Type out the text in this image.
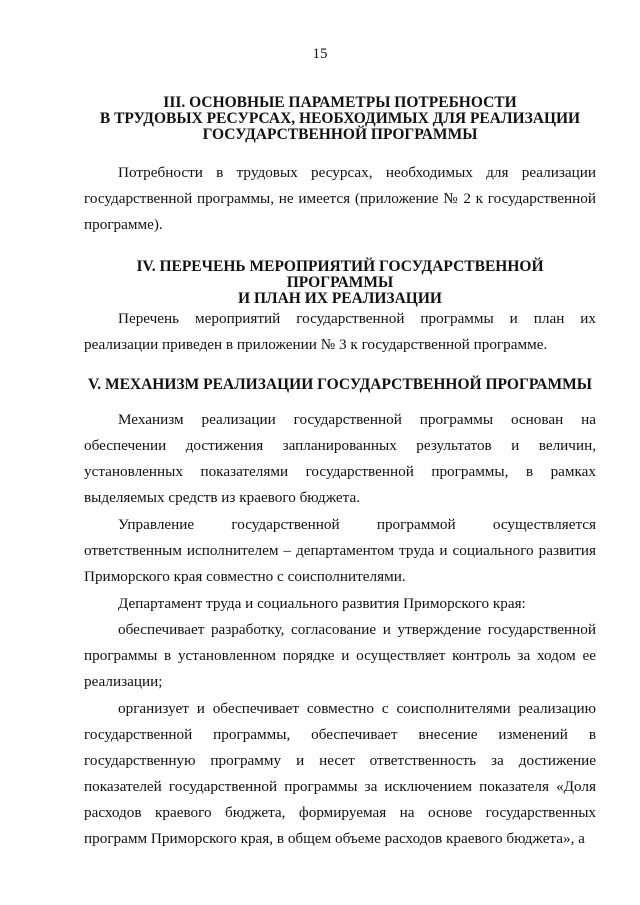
15
III. ОСНОВНЫЕ ПАРАМЕТРЫ ПОТРЕБНОСТИ
В ТРУДОВЫХ РЕСУРСАХ, НЕОБХОДИМЫХ ДЛЯ РЕАЛИЗАЦИИ
ГОСУДАРСТВЕННОЙ ПРОГРАММЫ

Потребности в трудовых ресурсах, необходимых для реализации государственной программы, не имеется (приложение № 2 к государственной программе).

IV. ПЕРЕЧЕНЬ МЕРОПРИЯТИЙ ГОСУДАРСТВЕННОЙ ПРОГРАММЫ
И ПЛАН ИХ РЕАЛИЗАЦИИ

Перечень мероприятий государственной программы и план их реализации приведен в приложении № 3 к государственной программе.

V. МЕХАНИЗМ РЕАЛИЗАЦИИ ГОСУДАРСТВЕННОЙ ПРОГРАММЫ

Механизм реализации государственной программы основан на обеспечении достижения запланированных результатов и величин, установленных показателями государственной программы, в рамках выделяемых средств из краевого бюджета.

Управление государственной программой осуществляется ответственным исполнителем – департаментом труда и социального развития Приморского края совместно с соисполнителями.

Департамент труда и социального развития Приморского края:

обеспечивает разработку, согласование и утверждение государственной программы в установленном порядке и осуществляет контроль за ходом ее реализации;

организует и обеспечивает совместно с соисполнителями реализацию государственной программы, обеспечивает внесение изменений в государственную программу и несет ответственность за достижение показателей государственной программы за исключением показателя «Доля расходов краевого бюджета, формируемая на основе государственных программ Приморского края, в общем объеме расходов краевого бюджета», а
